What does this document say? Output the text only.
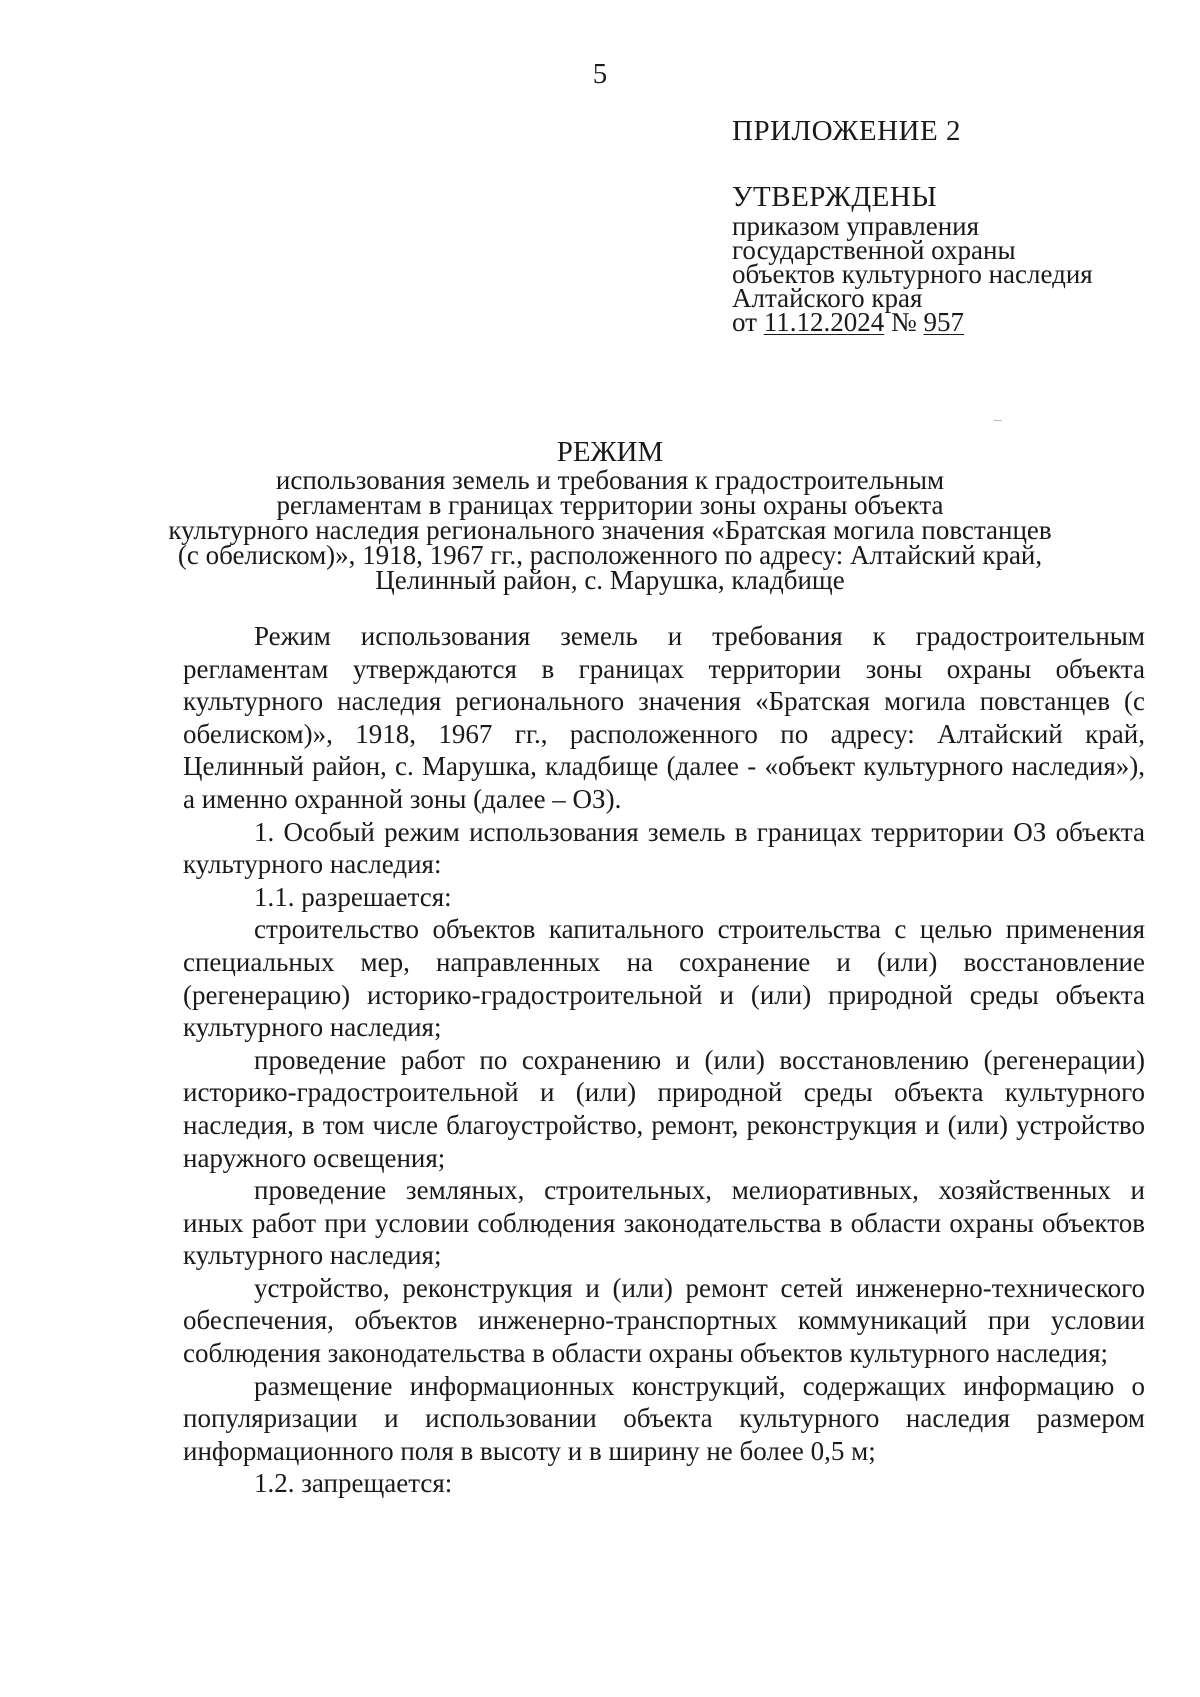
5
ПРИЛОЖЕНИЕ 2
УТВЕРЖДЕНЫ
приказом управления
государственной охраны
объектов культурного наследия
Алтайского края
от 11.12.2024 № 957
РЕЖИМ
использования земель и требования к градостроительным
регламентам в границах территории зоны охраны объекта
культурного наследия регионального значения «Братская могила повстанцев
(с обелиском)», 1918, 1967 гг., расположенного по адресу: Алтайский край,
Целинный район, с. Марушка, кладбище

Режим использования земель и требования к градостроительным регламентам утверждаются в границах территории зоны охраны объекта культурного наследия регионального значения «Братская могила повстанцев (с обелиском)», 1918, 1967 гг., расположенного по адресу: Алтайский край, Целинный район, с. Марушка, кладбище (далее - «объект культурного наследия»), а именно охранной зоны (далее – ОЗ).

1. Особый режим использования земель в границах территории ОЗ объекта культурного наследия:

1.1. разрешается:

строительство объектов капитального строительства с целью применения специальных мер, направленных на сохранение и (или) восстановление (регенерацию) историко-градостроительной и (или) природной среды объекта культурного наследия;

проведение работ по сохранению и (или) восстановлению (регенерации) историко-градостроительной и (или) природной среды объекта культурного наследия, в том числе благоустройство, ремонт, реконструкция и (или) устройство наружного освещения;

проведение земляных, строительных, мелиоративных, хозяйственных и иных работ при условии соблюдения законодательства в области охраны объектов культурного наследия;

устройство, реконструкция и (или) ремонт сетей инженерно-технического обеспечения, объектов инженерно-транспортных коммуникаций при условии соблюдения законодательства в области охраны объектов культурного наследия;

размещение информационных конструкций, содержащих информацию о популяризации и использовании объекта культурного наследия размером информационного поля в высоту и в ширину не более 0,5 м;

1.2. запрещается:
